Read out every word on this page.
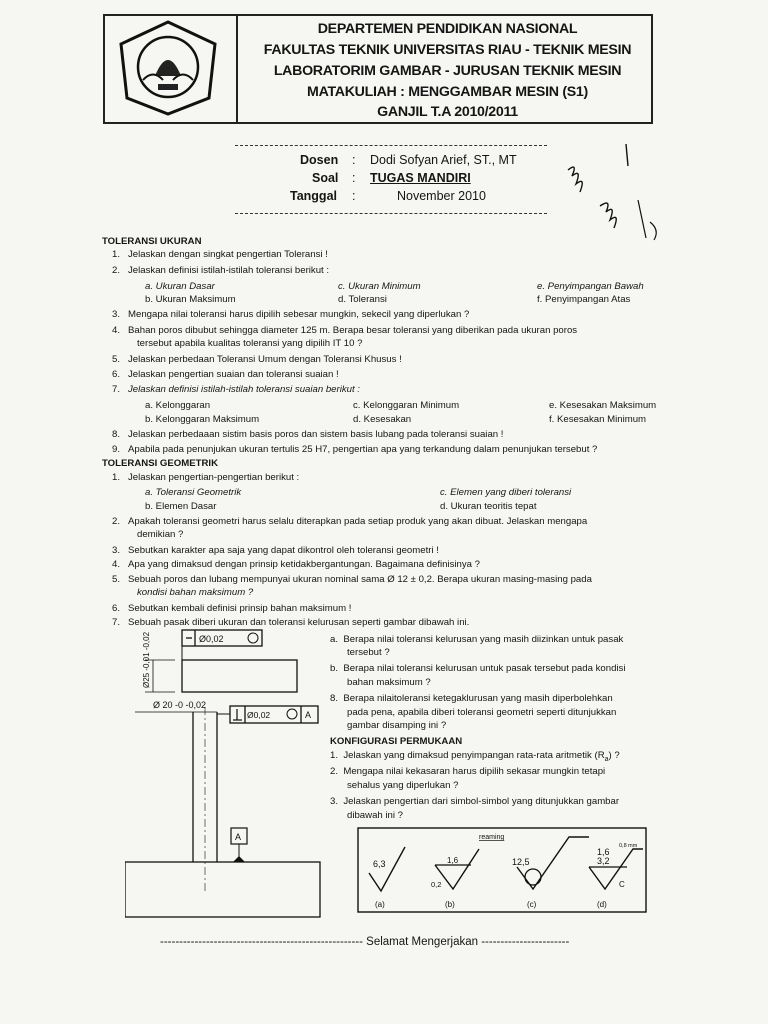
DEPARTEMEN PENDIDIKAN NASIONAL
FAKULTAS TEKNIK UNIVERSITAS RIAU - TEKNIK MESIN
LABORATORIM GAMBAR - JURUSAN TEKNIK MESIN
MATAKULIAH : MENGGAMBAR MESIN (S1)
GANJIL T.A 2010/2011
Dosen : Dodi Sofyan Arief, ST., MT
Soal : TUGAS MANDIRI
Tanggal :	November 2010
TOLERANSI UKURAN
1. Jelaskan dengan singkat pengertian Toleransi !
2. Jelaskan definisi istilah-istilah toleransi berikut :
a. Ukuran Dasar
b. Ukuran Maksimum
c. Ukuran Minimum
d. Toleransi
e. Penyimpangan Bawah
f. Penyimpangan Atas
3. Mengapa nilai toleransi harus dipilih sebesar mungkin, sekecil yang diperlukan ?
4. Bahan poros dibubut sehingga diameter 125 m. Berapa besar toleransi yang diberikan pada ukuran poros
tersebut apabila kualitas toleransi yang dipilih IT 10 ?
5. Jelaskan perbedaan Toleransi Umum dengan Toleransi Khusus !
6. Jelaskan pengertian suaian dan toleransi suaian !
7. Jelaskan definisi istilah-istilah toleransi suaian berikut :
a. Kelonggaran
b. Kelonggaran Maksimum
c. Kelonggaran Minimum
d. Kesesakan
e. Kesesakan Maksimum
f. Kesesakan Minimum
8. Jelaskan perbedaaan sistim basis poros dan sistem basis lubang pada toleransi suaian !
9. Apabila pada penunjukan ukuran tertulis 25 H7, pengertian apa yang terkandung dalam penunjukan tersebut ?
TOLERANSI GEOMETRIK
1. Jelaskan pengertian-pengertian berikut :
a. Toleransi Geometrik
b. Elemen Dasar
c. Elemen yang diberi toleransi
d. Ukuran teoritis tepat
2. Apakah toleransi geometri harus selalu diterapkan pada setiap produk yang akan dibuat. Jelaskan mengapa
demikian ?
3. Sebutkan karakter apa saja yang dapat dikontrol oleh toleransi geometri !
4. Apa yang dimaksud dengan prinsip ketidakbergantungan. Bagaimana definisinya ?
5. Sebuah poros dan lubang mempunyai ukuran nominal sama Ø 12 ± 0,2. Berapa ukuran masing-masing pada
kondisi bahan maksimum ?
6. Sebutkan kembali definisi prinsip bahan maksimum !
7. Sebuah pasak diberi ukuran dan toleransi kelurusan seperti gambar dibawah ini.
a.  Berapa nilai toleransi kelurusan yang masih diizinkan untuk pasak
tersebut ?
b.  Berapa nilai toleransi kelurusan untuk pasak tersebut pada kondisi
bahan maksimum ?
8.  Berapa nilaitoleransi ketegaklurusan yang masih diperbolehkan
pada pena, apabila diberi toleransi geometri seperti ditunjukkan
gambar disamping ini ?
KONFIGURASI PERMUKAAN
1.  Jelaskan yang dimaksud penyimpangan rata-rata aritmetik $(R_a)$ ?
2.  Mengapa nilai kekasaran harus dipilih sekasar mungkin tetapi
sehalus yang diperlukan ?
3.  Jelaskan pengertian dari simbol-simbol yang ditunjukkan gambar
dibawah ini ?
Ø0,02
Ø25 -0,01 -0,02
Ø 20 -0 -0,02
Ø0,02	A
A
6,3
(a)
1,6
0,2
(b)
12,5
reaming
(c)
1,6
3,2
0,8 mm
C
(d)
----------------------------------------------------- Selamat Mengerjakan -----------------------
